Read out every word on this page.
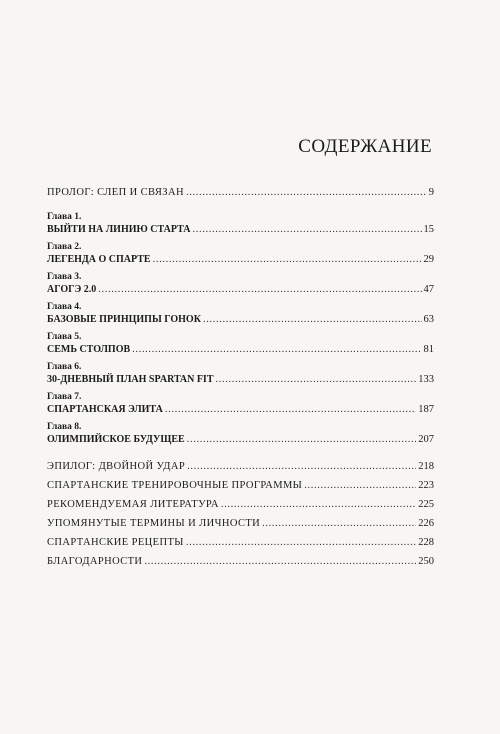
СОДЕРЖАНИЕ
ПРОЛОГ: СЛЕП И СВЯЗАН . . .	9
Глава 1.
ВЫЙТИ НА ЛИНИЮ СТАРТА . . .	15
Глава 2.
ЛЕГЕНДА О СПАРТЕ . . .	29
Глава 3.
АГОГЭ 2.0 . . .	47
Глава 4.
БАЗОВЫЕ ПРИНЦИПЫ ГОНОК . . .	63
Глава 5.
СЕМЬ СТОЛПОВ . . .	81
Глава 6.
30-ДНЕВНЫЙ ПЛАН SPARTAN FIT . . .	133
Глава 7.
СПАРТАНСКАЯ ЭЛИТА . . .	187
Глава 8.
ОЛИМПИЙСКОЕ БУДУЩЕЕ . . .	207
ЭПИЛОГ: ДВОЙНОЙ УДАР . . .	218
СПАРТАНСКИЕ ТРЕНИРОВОЧНЫЕ ПРОГРАММЫ . . .	223
РЕКОМЕНДУЕМАЯ ЛИТЕРАТУРА . . .	225
УПОМЯНУТЫЕ ТЕРМИНЫ И ЛИЧНОСТИ . . .	226
СПАРТАНСКИЕ РЕЦЕПТЫ . . .	228
БЛАГОДАРНОСТИ . . .	250
